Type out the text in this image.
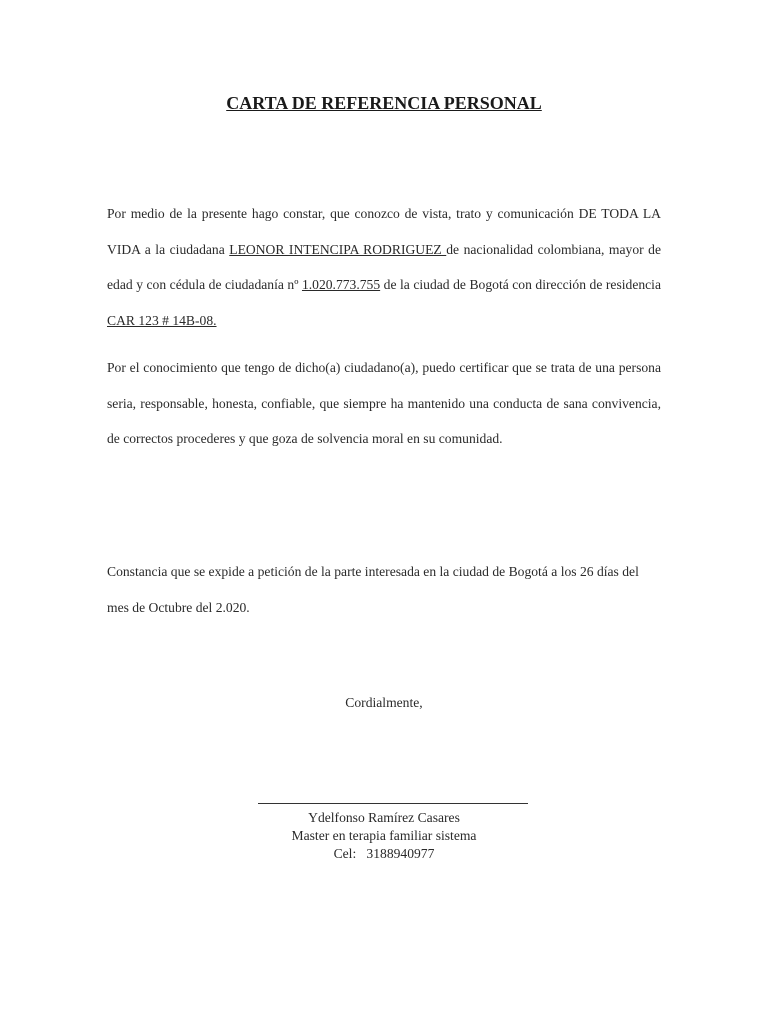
CARTA DE REFERENCIA PERSONAL

Por medio de la presente hago constar, que conozco de vista, trato y comunicación DE TODA LA VIDA a la ciudadana LEONOR INTENCIPA RODRIGUEZ de nacionalidad colombiana, mayor de edad y con cédula de ciudadanía nº 1.020.773.755 de la ciudad de Bogotá con dirección de residencia CAR 123 # 14B-08.

Por el conocimiento que tengo de dicho(a) ciudadano(a), puedo certificar que se trata de una persona seria, responsable, honesta, confiable, que siempre ha mantenido una conducta de sana convivencia, de correctos procederes y que goza de solvencia moral en su comunidad.

Constancia que se expide a petición de la parte interesada en la ciudad de Bogotá a los 26 días del mes de Octubre del 2.020.

Cordialmente,

Ydelfonso Ramírez Casares
Master en terapia familiar sistema
Cel:   3188940977
